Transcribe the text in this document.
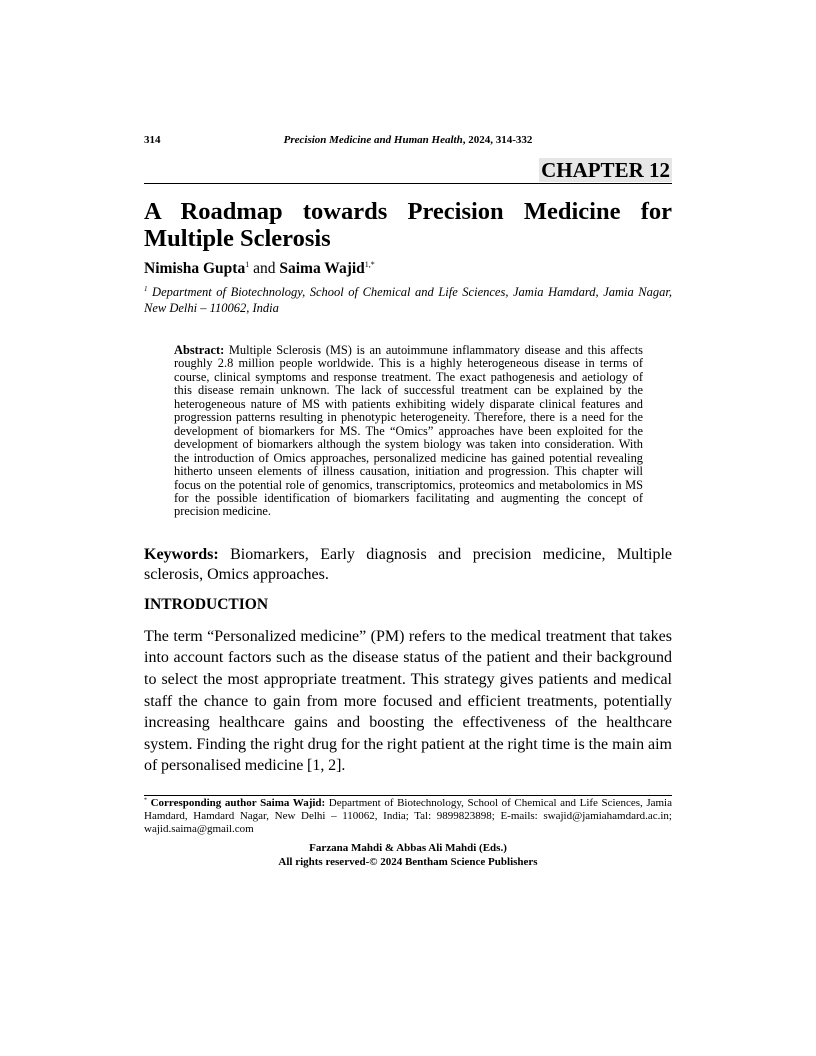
314	Precision Medicine and Human Health, 2024, 314-332
CHAPTER 12
A Roadmap towards Precision Medicine for
Multiple Sclerosis
Nimisha Gupta$^1$ and Saima Wajid$^{1,*}$
$^1$ Department of Biotechnology, School of Chemical and Life Sciences, Jamia Hamdard, Jamia Nagar, New Delhi – 110062, India

Abstract: Multiple Sclerosis (MS) is an autoimmune inflammatory disease and this affects roughly 2.8 million people worldwide. This is a highly heterogeneous disease in terms of course, clinical symptoms and response treatment. The exact pathogenesis and aetiology of this disease remain unknown. The lack of successful treatment can be explained by the heterogeneous nature of MS with patients exhibiting widely disparate clinical features and progression patterns resulting in phenotypic heterogeneity. Therefore, there is a need for the development of biomarkers for MS. The “Omics” approaches have been exploited for the development of biomarkers although the system biology was taken into consideration. With the introduction of Omics approaches, personalized medicine has gained potential revealing hitherto unseen elements of illness causation, initiation and progression. This chapter will focus on the potential role of genomics, transcriptomics, proteomics and metabolomics in MS for the possible identification of biomarkers facilitating and augmenting the concept of precision medicine.

Keywords: Biomarkers, Early diagnosis and precision medicine, Multiple sclerosis, Omics approaches.

INTRODUCTION

The term “Personalized medicine” (PM) refers to the medical treatment that takes into account factors such as the disease status of the patient and their background to select the most appropriate treatment. This strategy gives patients and medical staff the chance to gain from more focused and efficient treatments, potentially increasing healthcare gains and boosting the effectiveness of the healthcare system. Finding the right drug for the right patient at the right time is the main aim of personalised medicine [1, 2].

* Corresponding author Saima Wajid: Department of Biotechnology, School of Chemical and Life Sciences, Jamia Hamdard, Hamdard Nagar, New Delhi – 110062, India; Tal: 9899823898; E-mails: swajid@jamiahamdard.ac.in; wajid.saima@gmail.com

Farzana Mahdi & Abbas Ali Mahdi (Eds.)
All rights reserved-© 2024 Bentham Science Publishers
